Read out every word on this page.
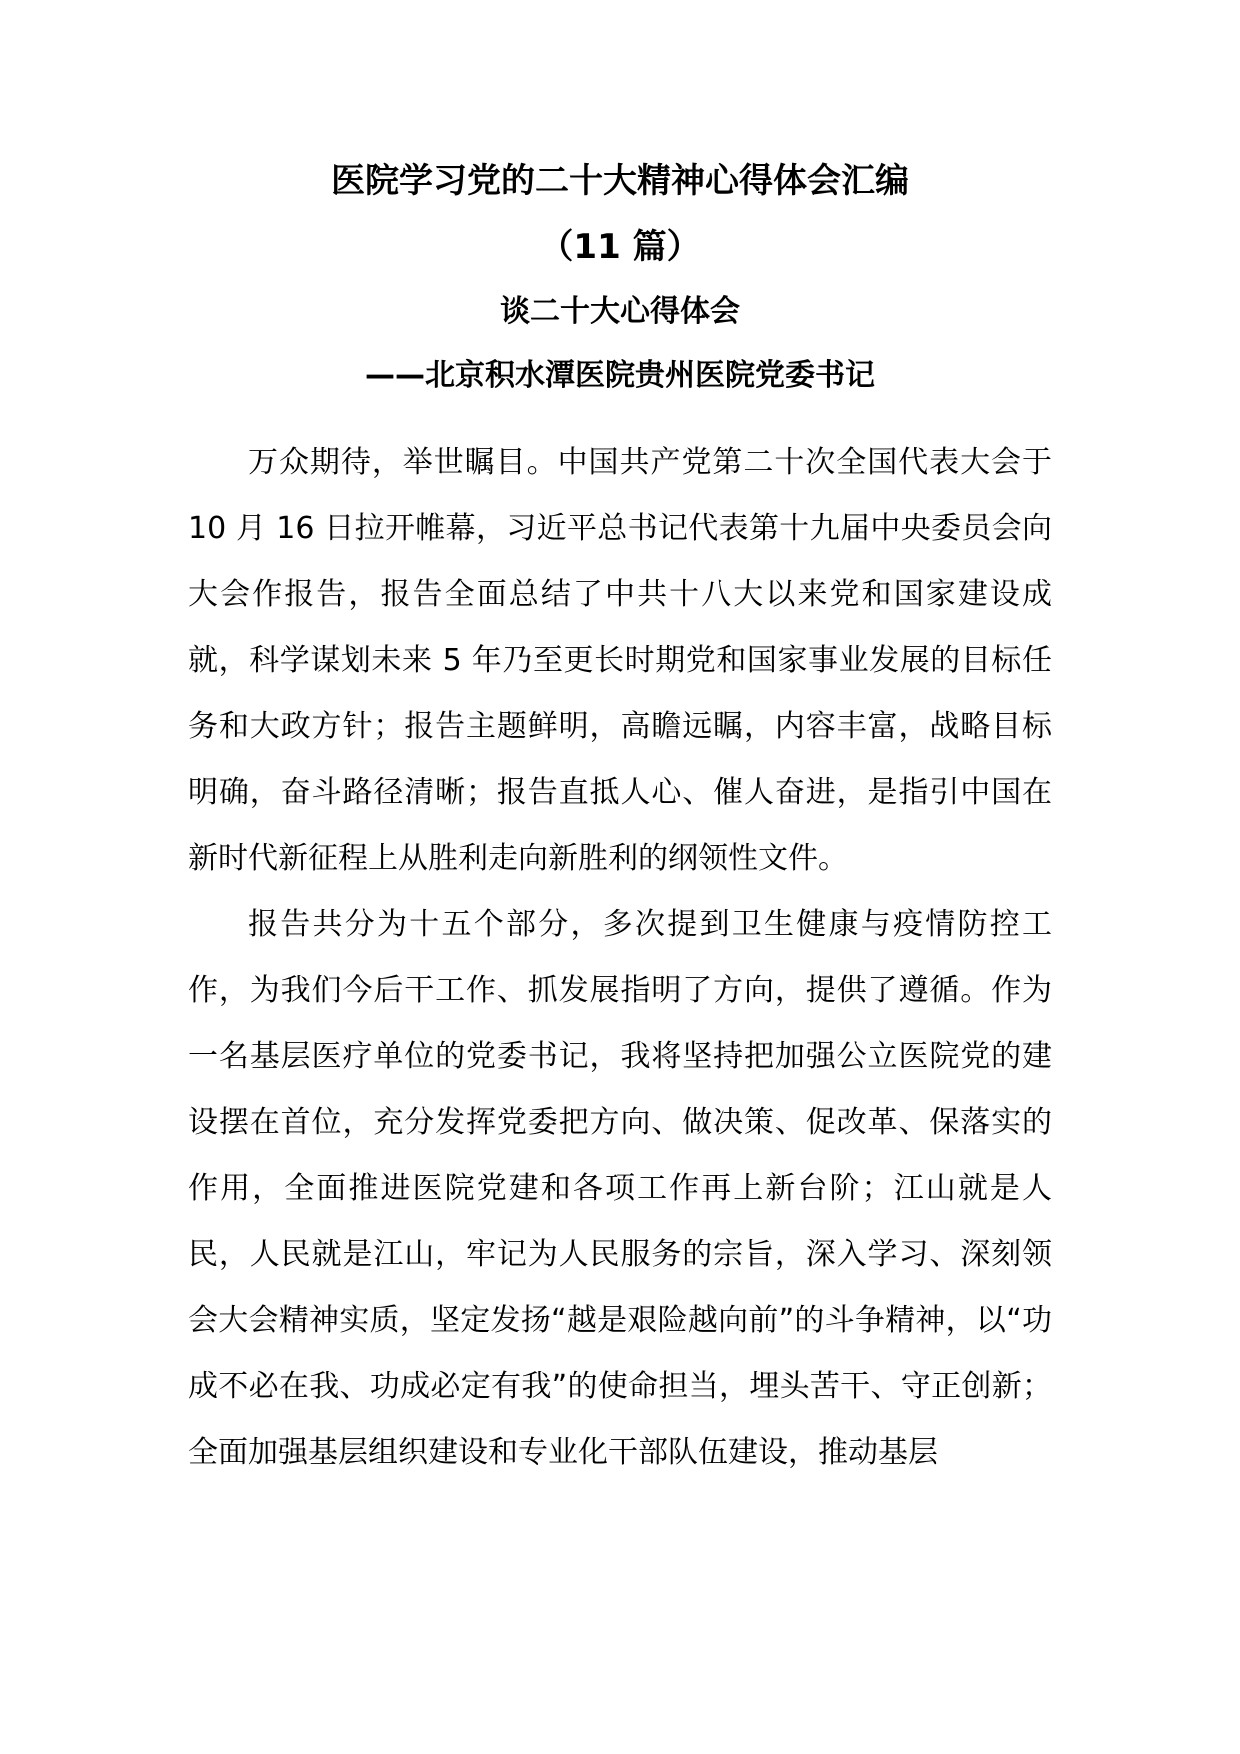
医院学习党的二十大精神心得体会汇编

（11 篇）

谈二十大心得体会

——北京积水潭医院贵州医院党委书记

万众期待，举世瞩目。中国共产党第二十次全国代表大会于 10 月 16 日拉开帷幕，习近平总书记代表第十九届中央委员会向大会作报告，报告全面总结了中共十八大以来党和国家建设成就，科学谋划未来 5 年乃至更长时期党和国家事业发展的目标任务和大政方针；报告主题鲜明，高瞻远瞩，内容丰富，战略目标明确，奋斗路径清晰；报告直抵人心、催人奋进，是指引中国在新时代新征程上从胜利走向新胜利的纲领性文件。

报告共分为十五个部分，多次提到卫生健康与疫情防控工作，为我们今后干工作、抓发展指明了方向，提供了遵循。作为一名基层医疗单位的党委书记，我将坚持把加强公立医院党的建设摆在首位，充分发挥党委把方向、做决策、促改革、保落实的作用，全面推进医院党建和各项工作再上新台阶；江山就是人民，人民就是江山，牢记为人民服务的宗旨，深入学习、深刻领会大会精神实质，坚定发扬“越是艰险越向前”的斗争精神，以“功成不必在我、功成必定有我”的使命担当，埋头苦干、守正创新；全面加强基层组织建设和专业化干部队伍建设，推动基层
